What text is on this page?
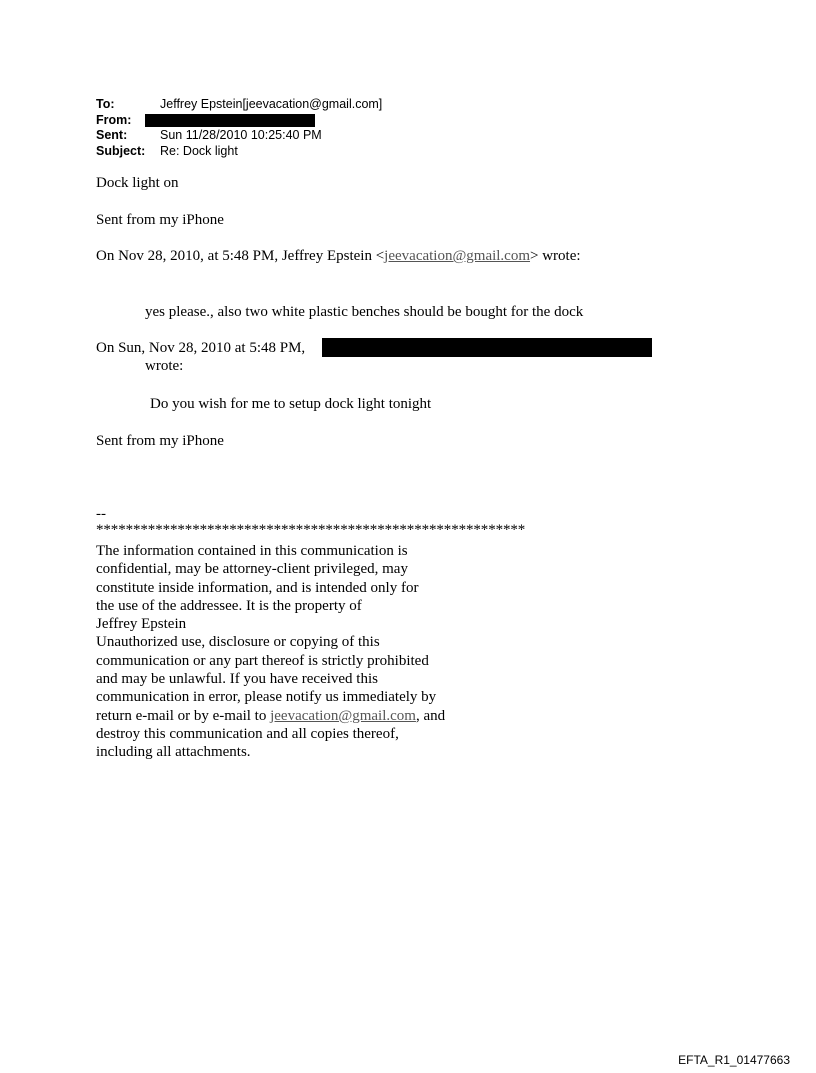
To:	Jeffrey Epstein[jeevacation@gmail.com]
From:
Sent:	Sun 11/28/2010 10:25:40 PM
Subject:	Re: Dock light
Dock light on
Sent from my iPhone
On Nov 28, 2010, at 5:48 PM, Jeffrey Epstein <jeevacation@gmail.com> wrote:
yes please., also two white plastic benches should be bought for the dock
On Sun, Nov 28, 2010 at 5:48 PM,
wrote:
Do you wish for me to setup dock light tonight
Sent from my iPhone
--
**********************************************************
The information contained in this communication is
confidential, may be attorney-client privileged, may
constitute inside information, and is intended only for
the use of the addressee. It is the property of
Jeffrey Epstein
Unauthorized use, disclosure or copying of this
communication or any part thereof is strictly prohibited
and may be unlawful. If you have received this
communication in error, please notify us immediately by
return e-mail or by e-mail to jeevacation@gmail.com, and
destroy this communication and all copies thereof,
including all attachments.
EFTA_R1_01477663
